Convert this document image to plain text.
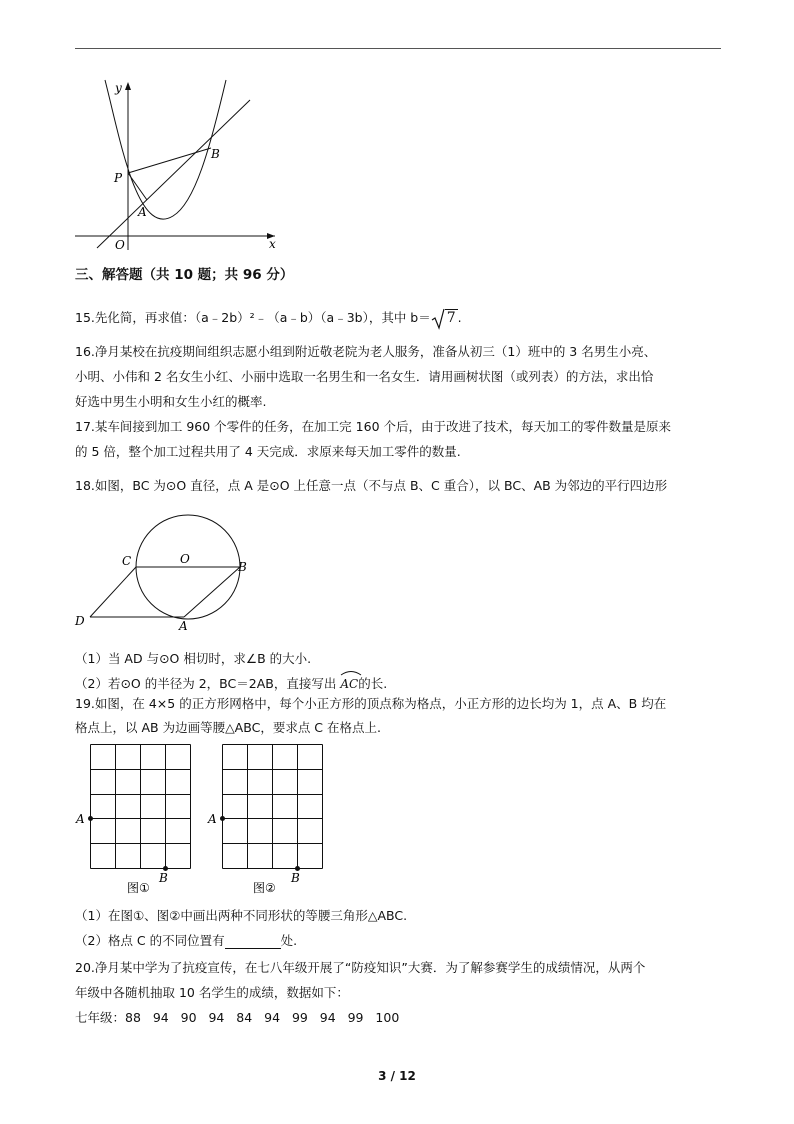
y
x
P
B
A
O
三、解答题（共 10 题；共 96 分）
15.先化简，再求值：（a﹣2b）²﹣（a﹣b）（a﹣3b），其中 b＝ 7 .
16.净月某校在抗疫期间组织志愿小组到附近敬老院为老人服务，准备从初三（1）班中的 3 名男生小亮、
小明、小伟和 2 名女生小红、小丽中选取一名男生和一名女生．请用画树状图（或列表）的方法，求出恰
好选中男生小明和女生小红的概率.
17.某车间接到加工 960 个零件的任务，在加工完 160 个后，由于改进了技术，每天加工的零件数量是原来
的 5 倍，整个加工过程共用了 4 天完成．求原来每天加工零件的数量.
18.如图，BC 为⊙O 直径，点 A 是⊙O 上任意一点（不与点 B、C 重合），以 BC、AB 为邻边的平行四边形
C	O
B
D	A
（1）当 AD 与⊙O 相切时，求∠B 的大小.
（2）若⊙O 的半径为 2，BC＝2AB，直接写出 AC的长.
19.如图，在 4×5 的正方形网格中，每个小正方形的顶点称为格点，小正方形的边长均为 1，点 A、B 均在
格点上，以 AB 为边画等腰△ABC，要求点 C 在格点上.
A
B
图①
A
B
图②
（1）在图①、图②中画出两种不同形状的等腰三角形△ABC.
（2）格点 C 的不同位置有	处.
20.净月某中学为了抗疫宣传，在七八年级开展了“防疫知识”大赛．为了解参赛学生的成绩情况，从两个
年级中各随机抽取 10 名学生的成绩，数据如下：
七年级：88   94   90   94   84   94   99   94   99   100
3 / 12
